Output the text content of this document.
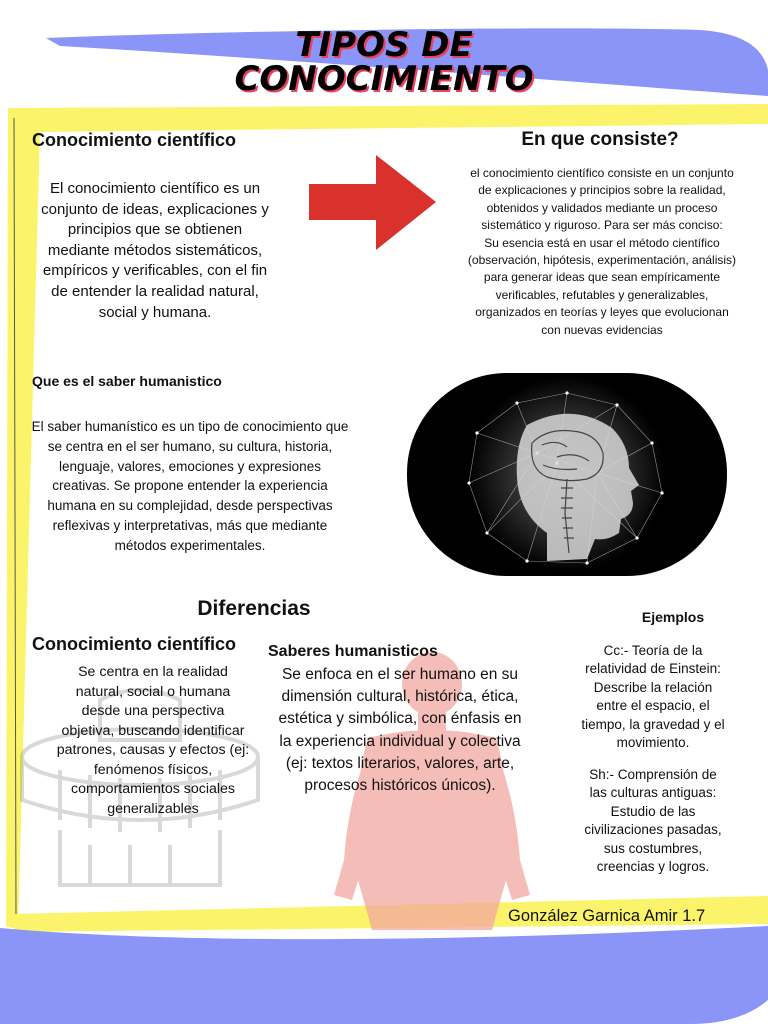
TIPOS DE
CONOCIMIENTO
Conocimiento científico
El conocimiento científico es un
conjunto de ideas, explicaciones y
principios que se obtienen
mediante métodos sistemáticos,
empíricos y verificables, con el fin
de entender la realidad natural,
social y humana.
En que consiste?
el conocimiento científico consiste en un conjunto
de explicaciones y principios sobre la realidad,
obtenidos y validados mediante un proceso
sistemático y riguroso. Para ser más conciso:
Su esencia está en usar el método científico
(observación, hipótesis, experimentación, análisis)
para generar ideas que sean empíricamente
verificables, refutables y generalizables,
organizados en teorías y leyes que evolucionan
con nuevas evidencias
Que es el saber humanistico
El saber humanístico es un tipo de conocimiento que
se centra en el ser humano, su cultura, historia,
lenguaje, valores, emociones y expresiones
creativas. Se propone entender la experiencia
humana en su complejidad, desde perspectivas
reflexivas y interpretativas, más que mediante
métodos experimentales.
Diferencias
Conocimiento científico
Se centra en la realidad
natural, social o humana
desde una perspectiva
objetiva, buscando identificar
patrones, causas y efectos (ej:
fenómenos físicos,
comportamientos sociales
generalizables
Saberes humanisticos
Se enfoca en el ser humano en su
dimensión cultural, histórica, ética,
estética y simbólica, con énfasis en
la experiencia individual y colectiva
(ej: textos literarios, valores, arte,
procesos históricos únicos).
Ejemplos
Cc:- Teoría de la
relatividad de Einstein:
Describe la relación
entre el espacio, el
tiempo, la gravedad y el
movimiento.
Sh:- Comprensión de
las culturas antiguas:
Estudio de las
civilizaciones pasadas,
sus costumbres,
creencias y logros.
González Garnica Amir 1.7
